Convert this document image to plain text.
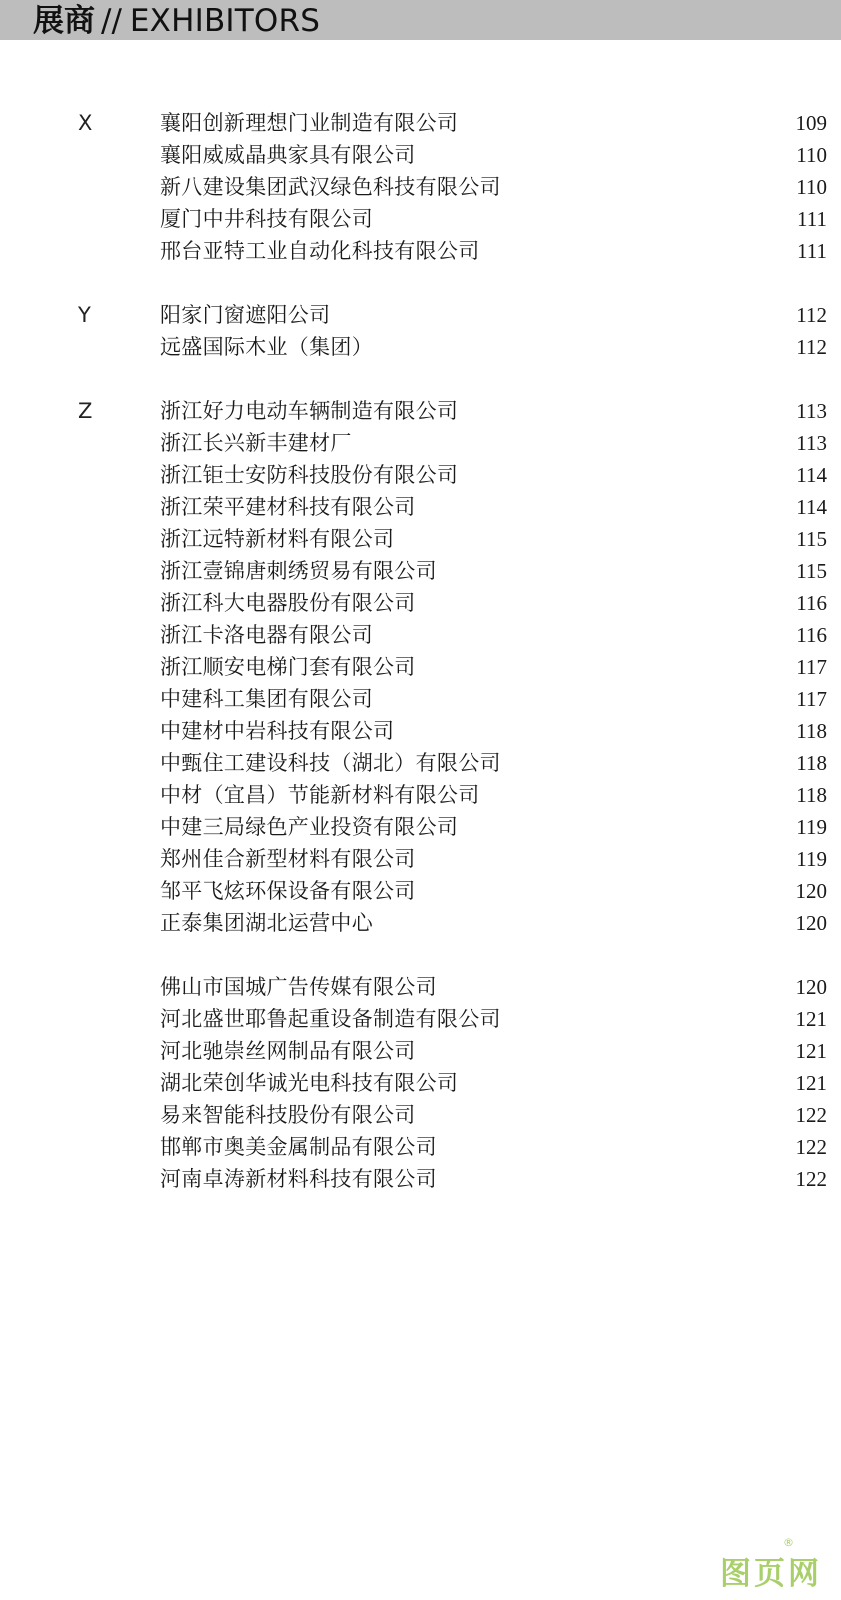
展商 // EXHIBITORS
X	襄阳创新理想门业制造有限公司	109
襄阳威威晶典家具有限公司	110
新八建设集团武汉绿色科技有限公司	110
厦门中井科技有限公司	111
邢台亚特工业自动化科技有限公司	111
Y	阳家门窗遮阳公司	112
远盛国际木业（集团）	112
Z	浙江好力电动车辆制造有限公司	113
浙江长兴新丰建材厂	113
浙江钜士安防科技股份有限公司	114
浙江荣平建材科技有限公司	114
浙江远特新材料有限公司	115
浙江壹锦唐刺绣贸易有限公司	115
浙江科大电器股份有限公司	116
浙江卡洛电器有限公司	116
浙江顺安电梯门套有限公司	117
中建科工集团有限公司	117
中建材中岩科技有限公司	118
中甄住工建设科技（湖北）有限公司	118
中材（宜昌）节能新材料有限公司	118
中建三局绿色产业投资有限公司	119
郑州佳合新型材料有限公司	119
邹平飞炫环保设备有限公司	120
正泰集团湖北运营中心	120
佛山市国城广告传媒有限公司	120
河北盛世耶鲁起重设备制造有限公司	121
河北驰崇丝网制品有限公司	121
湖北荣创华诚光电科技有限公司	121
易来智能科技股份有限公司	122
邯郸市奥美金属制品有限公司	122
河南卓涛新材料科技有限公司	122
图页网
®
